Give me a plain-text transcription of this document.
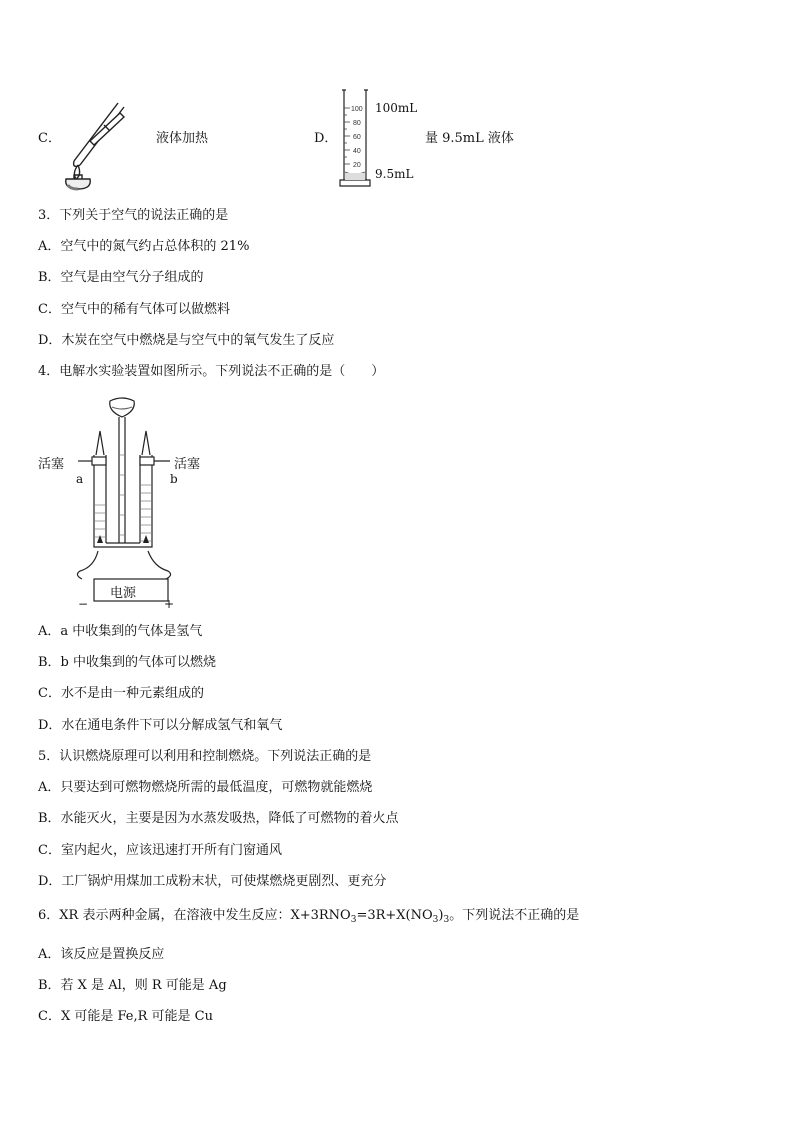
C．	液体加热	D．
100
80
60
40
20
100mL
9.5mL
量 9.5mL 液体
3．下列关于空气的说法正确的是
A．空气中的氮气约占总体积的 21%
B．空气是由空气分子组成的
C．空气中的稀有气体可以做燃料
D．木炭在空气中燃烧是与空气中的氧气发生了反应
4．电解水实验装置如图所示。下列说法不正确的是（　　）
活塞	活塞
a	b
电源
−	+
A．a 中收集到的气体是氢气
B．b 中收集到的气体可以燃烧
C．水不是由一种元素组成的
D．水在通电条件下可以分解成氢气和氧气
5．认识燃烧原理可以利用和控制燃烧。下列说法正确的是
A．只要达到可燃物燃烧所需的最低温度，可燃物就能燃烧
B．水能灭火，主要是因为水蒸发吸热，降低了可燃物的着火点
C．室内起火，应该迅速打开所有门窗通风
D．工厂锅炉用煤加工成粉末状，可使煤燃烧更剧烈、更充分
6．XR 表示两种金属，在溶液中发生反应：$X+3RNO_3=3R+X(NO_3)_3$。下列说法不正确的是
A．该反应是置换反应
B．若 X 是 Al，则 R 可能是 Ag
C．X 可能是 Fe,R 可能是 Cu
